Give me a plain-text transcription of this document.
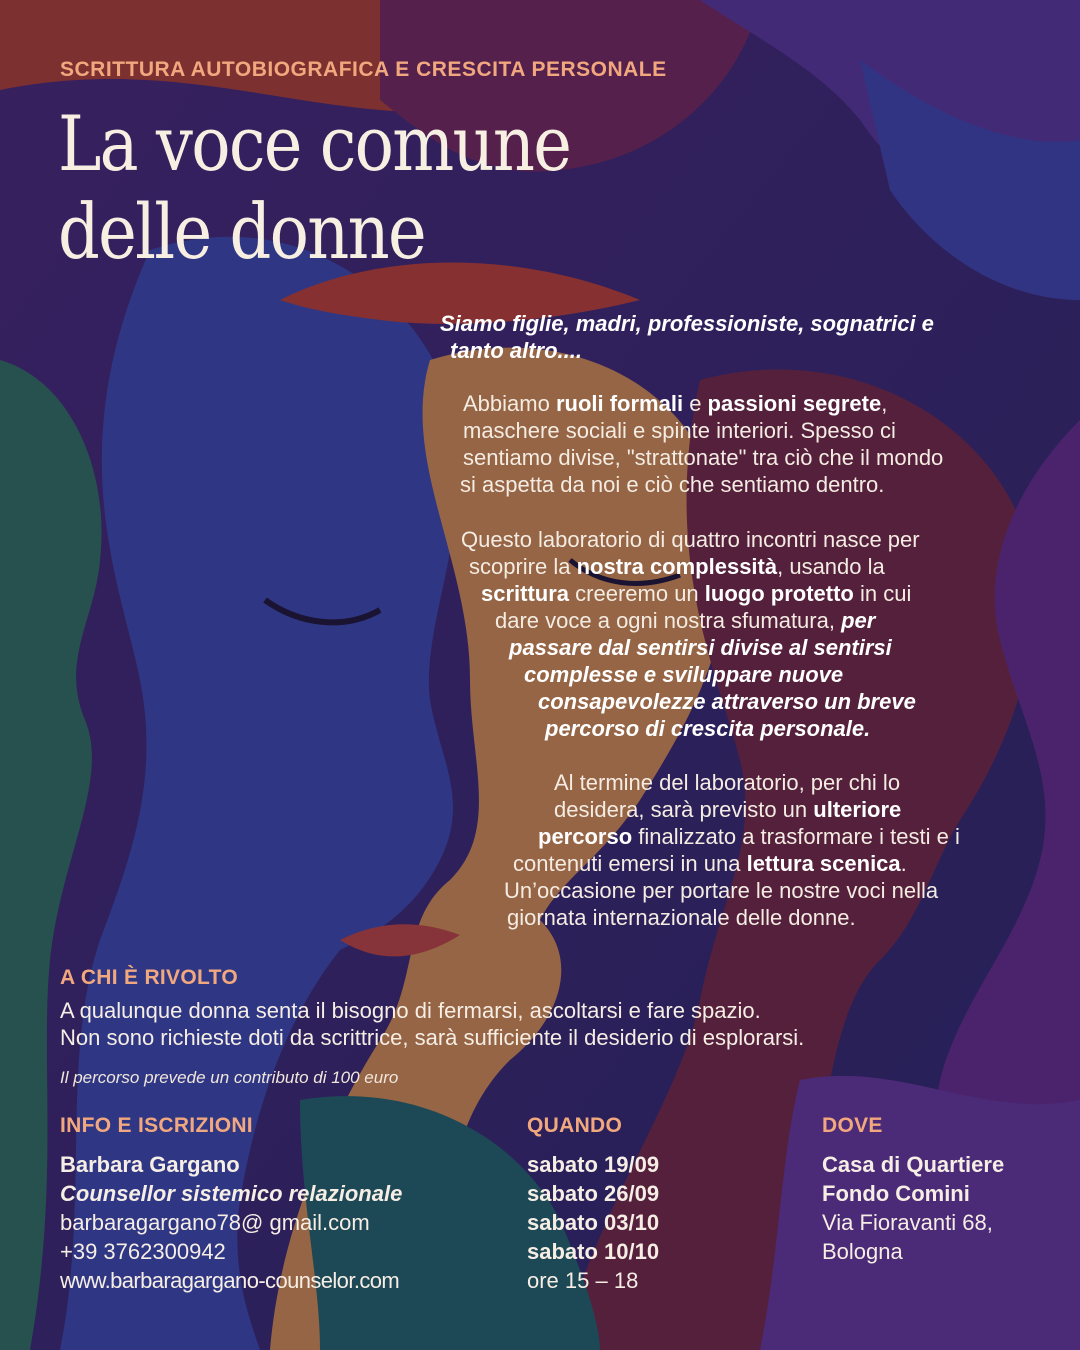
SCRITTURA AUTOBIOGRAFICA E CRESCITA PERSONALE
La voce comune
delle donne
Siamo figlie, madri, professioniste, sognatrici e
tanto altro....
Abbiamo ruoli formali e passioni segrete,
maschere sociali e spinte interiori. Spesso ci
sentiamo divise, "strattonate" tra ciò che il mondo
si aspetta da noi e ciò che sentiamo dentro.
Questo laboratorio di quattro incontri nasce per
scoprire la nostra complessità, usando la
scrittura creeremo un luogo protetto in cui
dare voce a ogni nostra sfumatura, per
passare dal sentirsi divise al sentirsi
complesse e sviluppare nuove
consapevolezze attraverso un breve
percorso di crescita personale.
Al termine del laboratorio, per chi lo
desidera, sarà previsto un ulteriore
percorso finalizzato a trasformare i testi e i
contenuti emersi in una lettura scenica.
Un’occasione per portare le nostre voci nella
giornata internazionale delle donne.
A CHI È RIVOLTO
A qualunque donna senta il bisogno di fermarsi, ascoltarsi e fare spazio.
Non sono richieste doti da scrittrice, sarà sufficiente il desiderio di esplorarsi.
Il percorso prevede un contributo di 100 euro
INFO E ISCRIZIONI
Barbara Gargano
Counsellor sistemico relazionale
barbaragargano78@ gmail.com
+39 3762300942
www.barbaragargano-counselor.com
QUANDO
sabato 19/09
sabato 26/09
sabato 03/10
sabato 10/10
ore 15 – 18
DOVE
Casa di Quartiere
Fondo Comini
Via Fioravanti 68,
Bologna
